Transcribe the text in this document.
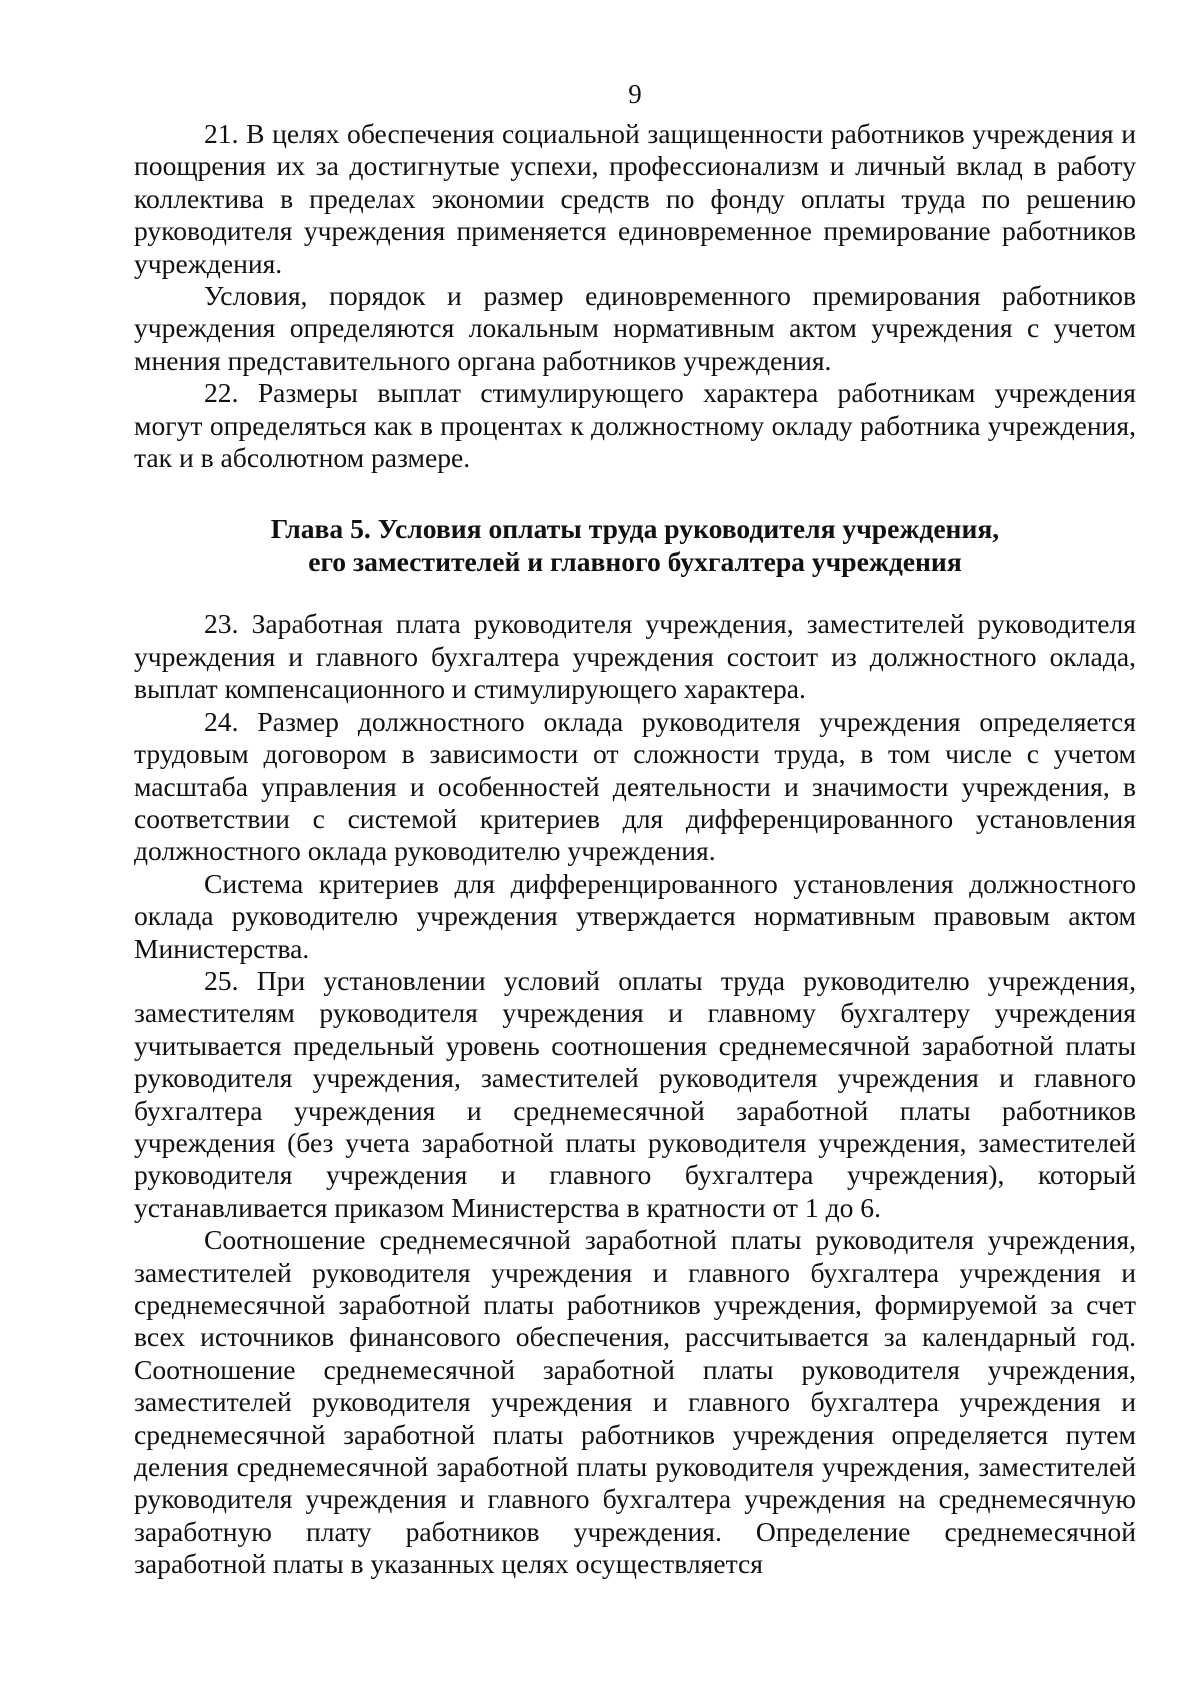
9

21. В целях обеспечения социальной защищенности работников учреждения и поощрения их за достигнутые успехи, профессионализм и личный вклад в работу коллектива в пределах экономии средств по фонду оплаты труда по решению руководителя учреждения применяется единовременное премирование работников учреждения.

Условия, порядок и размер единовременного премирования работников учреждения определяются локальным нормативным актом учреждения с учетом мнения представительного органа работников учреждения.

22. Размеры выплат стимулирующего характера работникам учреждения могут определяться как в процентах к должностному окладу работника учреждения, так и в абсолютном размере.

Глава 5. Условия оплаты труда руководителя учреждения,
его заместителей и главного бухгалтера учреждения

23. Заработная плата руководителя учреждения, заместителей руководителя учреждения и главного бухгалтера учреждения состоит из должностного оклада, выплат компенсационного и стимулирующего характера.

24. Размер должностного оклада руководителя учреждения определяется трудовым договором в зависимости от сложности труда, в том числе с учетом масштаба управления и особенностей деятельности и значимости учреждения, в соответствии с системой критериев для дифференцированного установления должностного оклада руководителю учреждения.

Система критериев для дифференцированного установления должностного оклада руководителю учреждения утверждается нормативным правовым актом Министерства.

25. При установлении условий оплаты труда руководителю учреждения, заместителям руководителя учреждения и главному бухгалтеру учреждения учитывается предельный уровень соотношения среднемесячной заработной платы руководителя учреждения, заместителей руководителя учреждения и главного бухгалтера учреждения и среднемесячной заработной платы работников учреждения (без учета заработной платы руководителя учреждения, заместителей руководителя учреждения и главного бухгалтера учреждения), который устанавливается приказом Министерства в кратности от 1 до 6.

Соотношение среднемесячной заработной платы руководителя учреждения, заместителей руководителя учреждения и главного бухгалтера учреждения и среднемесячной заработной платы работников учреждения, формируемой за счет всех источников финансового обеспечения, рассчитывается за календарный год. Соотношение среднемесячной заработной платы руководителя учреждения, заместителей руководителя учреждения и главного бухгалтера учреждения и среднемесячной заработной платы работников учреждения определяется путем деления среднемесячной заработной платы руководителя учреждения, заместителей руководителя учреждения и главного бухгалтера учреждения на среднемесячную заработную плату работников учреждения. Определение среднемесячной заработной платы в указанных целях осуществляется
